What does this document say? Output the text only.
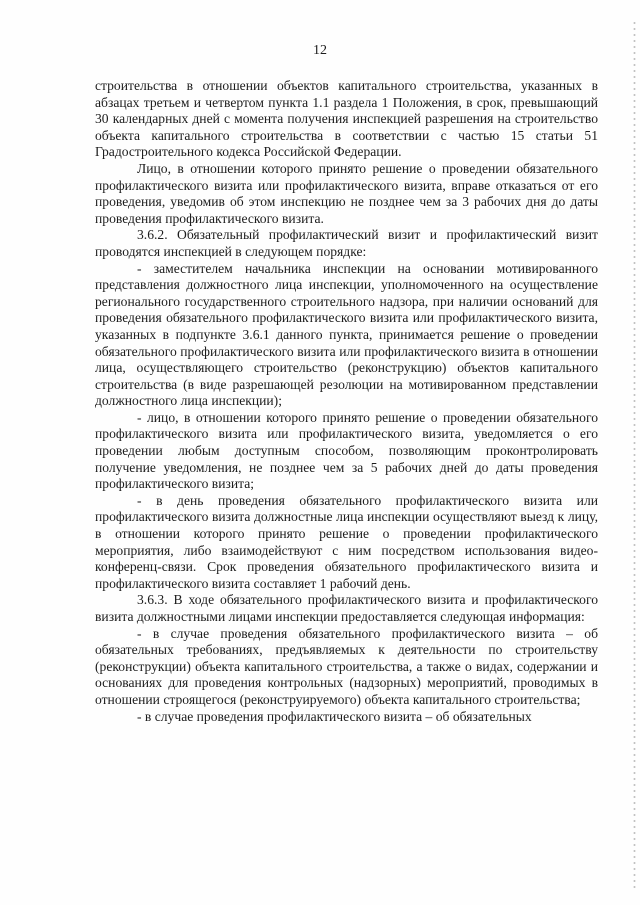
12

строительства в отношении объектов капитального строительства, указанных в абзацах третьем и четвертом пункта 1.1 раздела 1 Положения, в срок, превышающий 30 календарных дней с момента получения инспекцией разрешения на строительство объекта капитального строительства в соответствии с частью 15 статьи 51 Градостроительного кодекса Российской Федерации.

Лицо, в отношении которого принято решение о проведении обязательного профилактического визита или профилактического визита, вправе отказаться от его проведения, уведомив об этом инспекцию не позднее чем за 3 рабочих дня до даты проведения профилактического визита.

3.6.2. Обязательный профилактический визит и профилактический визит проводятся инспекцией в следующем порядке:

- заместителем начальника инспекции на основании мотивированного представления должностного лица инспекции, уполномоченного на осуществление регионального государственного строительного надзора, при наличии оснований для проведения обязательного профилактического визита или профилактического визита, указанных в подпункте 3.6.1 данного пункта, принимается решение о проведении обязательного профилактического визита или профилактического визита в отношении лица, осуществляющего строительство (реконструкцию) объектов капитального строительства (в виде разрешающей резолюции на мотивированном представлении должностного лица инспекции);

- лицо, в отношении которого принято решение о проведении обязательного профилактического визита или профилактического визита, уведомляется о его проведении любым доступным способом, позволяющим проконтролировать получение уведомления, не позднее чем за 5 рабочих дней до даты проведения профилактического визита;

- в день проведения обязательного профилактического визита или профилактического визита должностные лица инспекции осуществляют выезд к лицу, в отношении которого принято решение о проведении профилактического мероприятия, либо взаимодействуют с ним посредством использования видео-конференц-связи. Срок проведения обязательного профилактического визита и профилактического визита составляет 1 рабочий день.

3.6.3. В ходе обязательного профилактического визита и профилактического визита должностными лицами инспекции предоставляется следующая информация:

- в случае проведения обязательного профилактического визита – об обязательных требованиях, предъявляемых к деятельности по строительству (реконструкции) объекта капитального строительства, а также о видах, содержании и основаниях для проведения контрольных (надзорных) мероприятий, проводимых в отношении строящегося (реконструируемого) объекта капитального строительства;

- в случае проведения профилактического визита – об обязательных
